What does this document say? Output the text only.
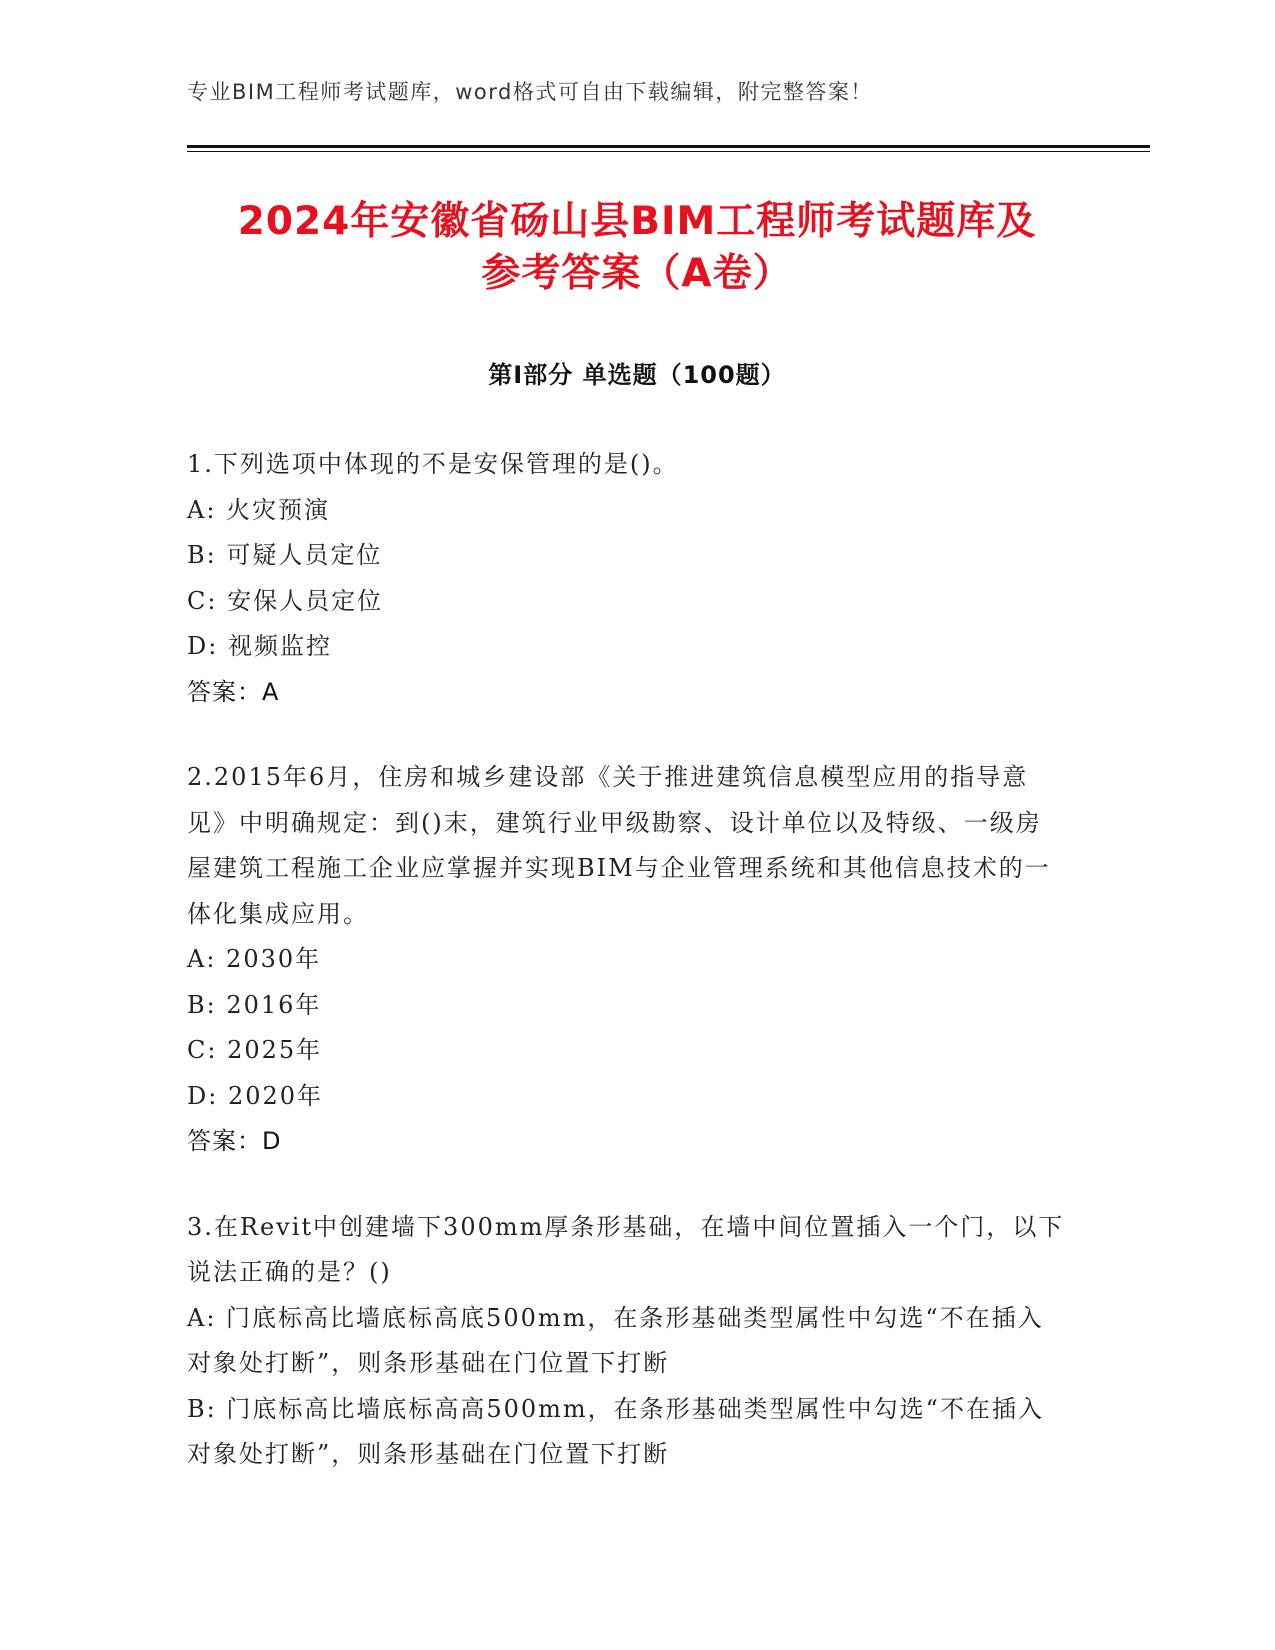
专业BIM工程师考试题库，word格式可自由下载编辑，附完整答案！
2024年安徽省砀山县BIM工程师考试题库及
参考答案（A卷）
第I部分 单选题（100题）
1.下列选项中体现的不是安保管理的是()。
A: 火灾预演
B: 可疑人员定位
C: 安保人员定位
D: 视频监控
答案：A
2.2015年6月，住房和城乡建设部《关于推进建筑信息模型应用的指导意见》中明确规定：到()末，建筑行业甲级勘察、设计单位以及特级、一级房屋建筑工程施工企业应掌握并实现BIM与企业管理系统和其他信息技术的一体化集成应用。
A: 2030年
B: 2016年
C: 2025年
D: 2020年
答案：D
3.在Revit中创建墙下300mm厚条形基础，在墙中间位置插入一个门，以下说法正确的是？()
A: 门底标高比墙底标高底500mm，在条形基础类型属性中勾选“不在插入对象处打断”，则条形基础在门位置下打断
B: 门底标高比墙底标高高500mm，在条形基础类型属性中勾选“不在插入对象处打断”，则条形基础在门位置下打断
